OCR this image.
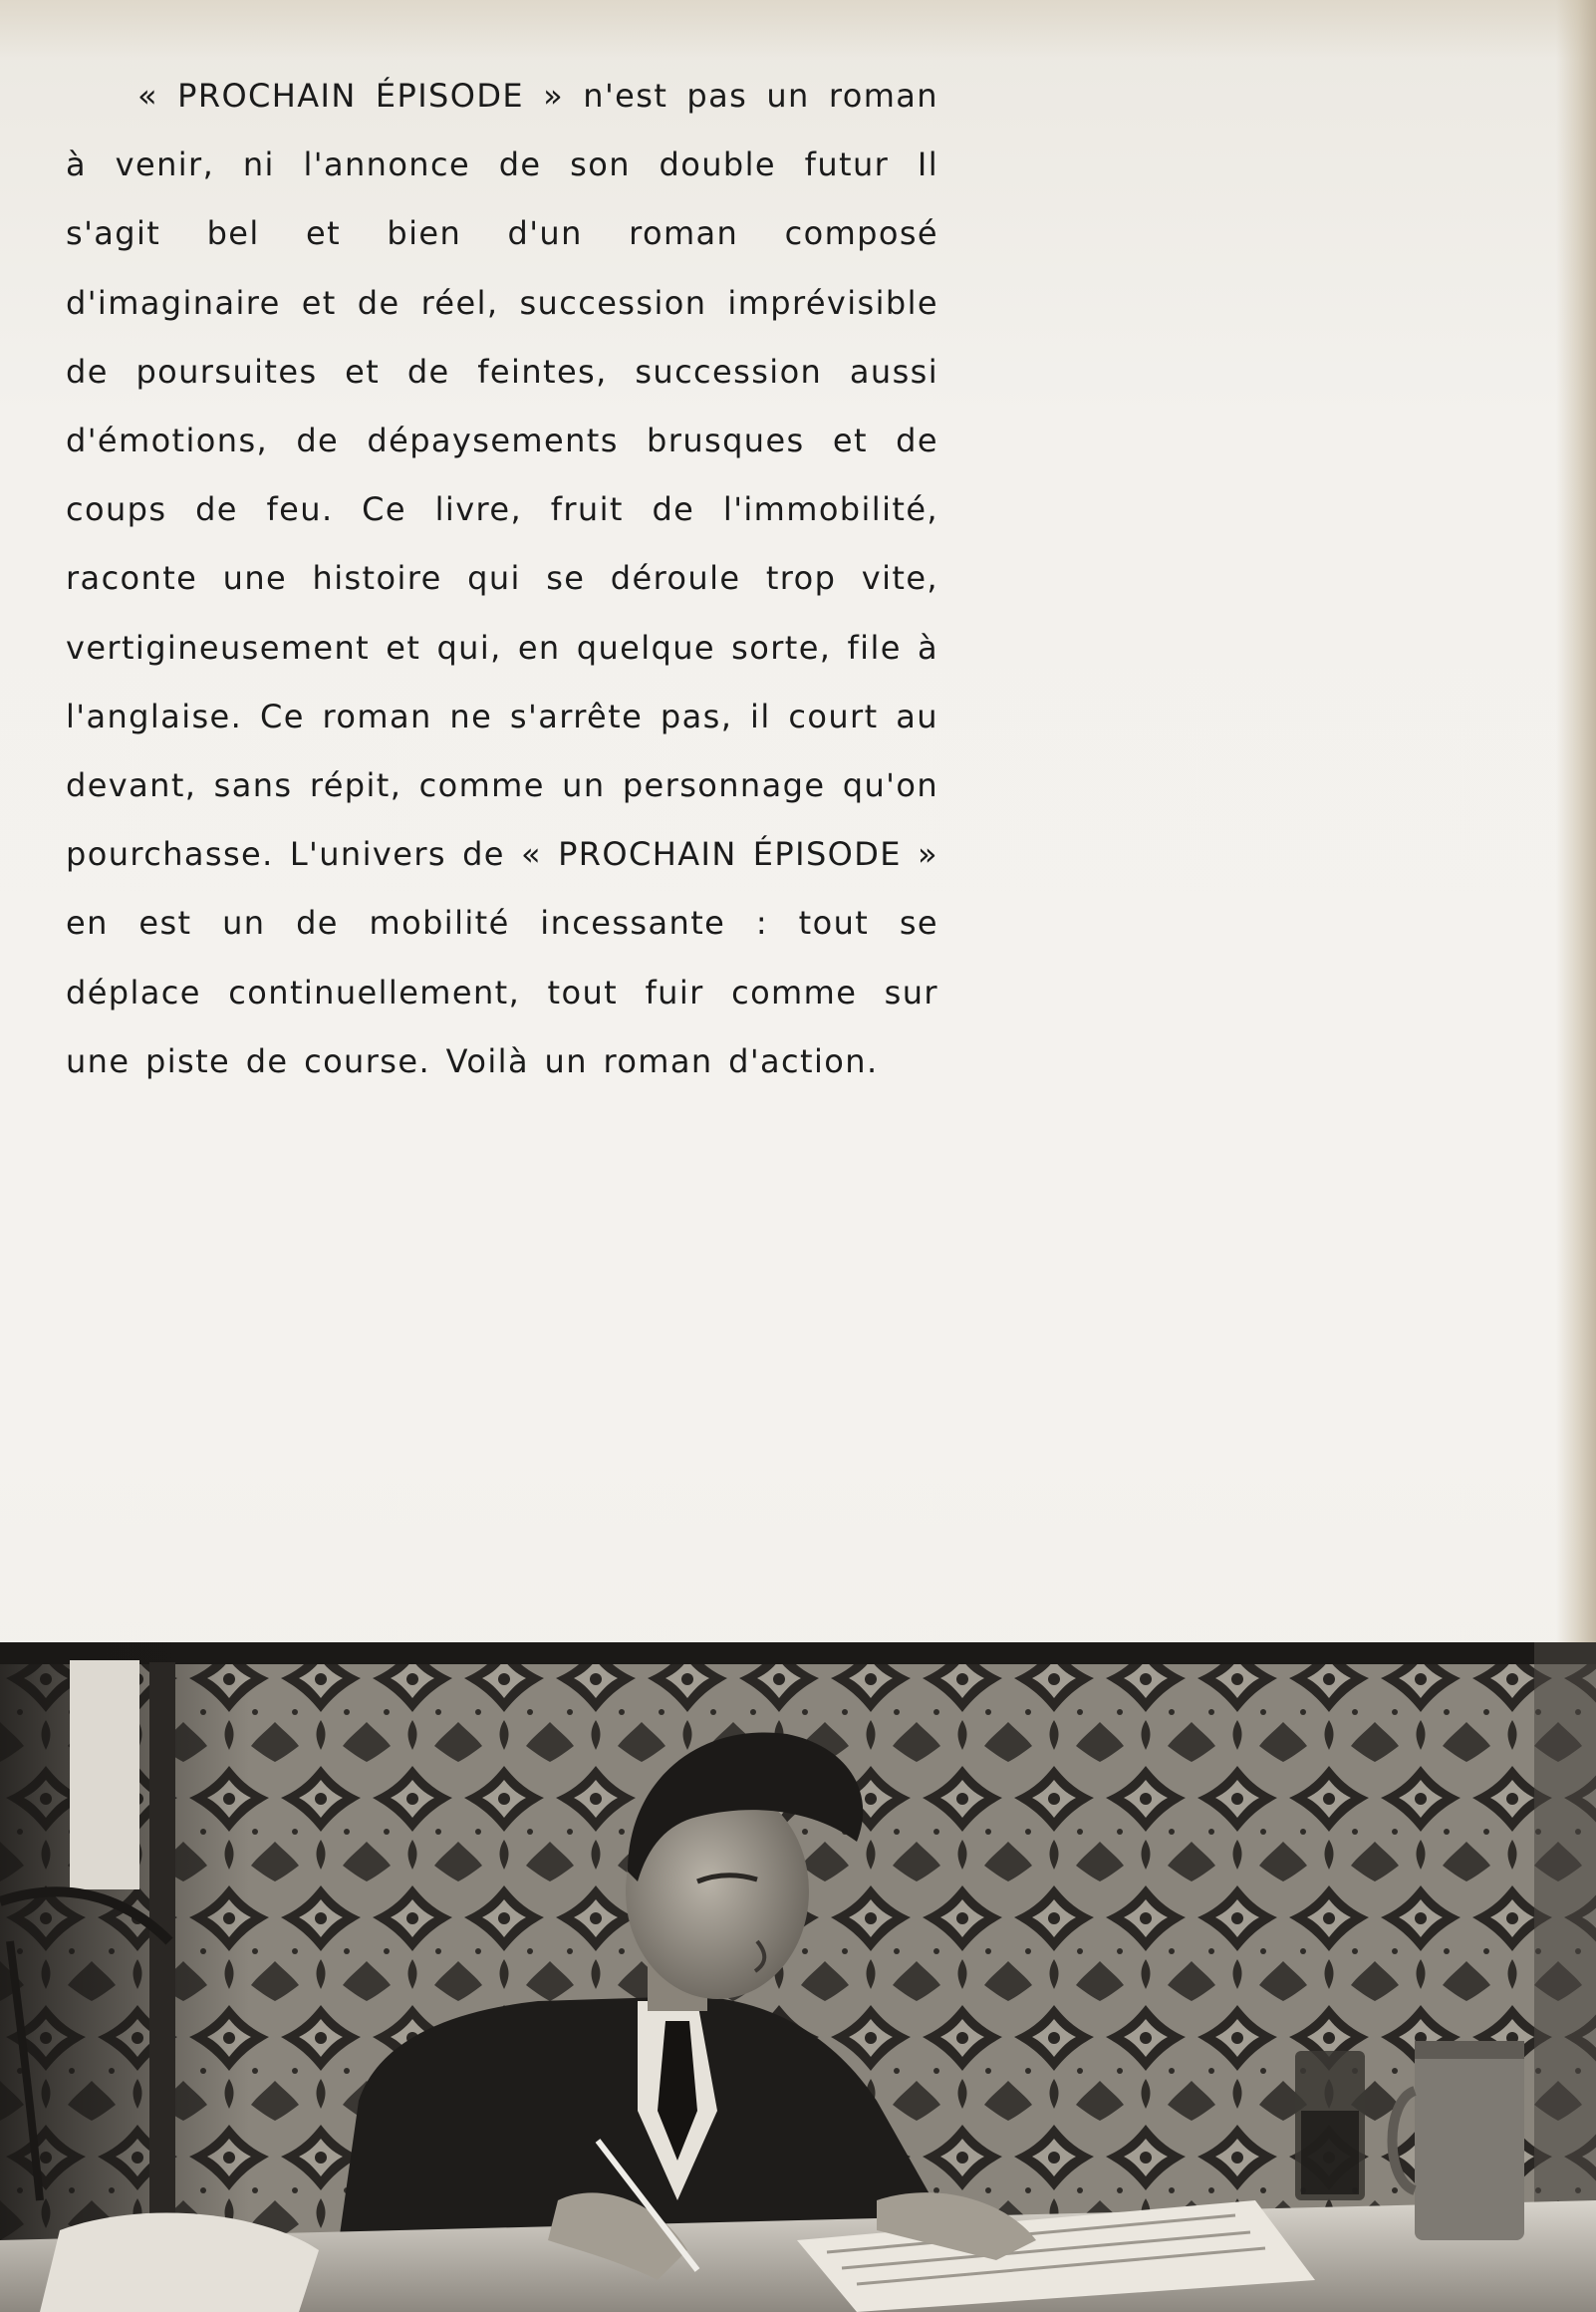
« PROCHAIN ÉPISODE » n'est pas un roman à venir, ni l'annonce de son double futur Il s'agit bel et bien d'un roman composé d'imaginaire et de réel, succession imprévisible de poursuites et de feintes, succession aussi d'émotions, de dépaysements brusques et de coups de feu. Ce livre, fruit de l'immobilité, raconte une histoire qui se déroule trop vite, vertigineusement et qui, en quelque sorte, file à l'anglaise. Ce roman ne s'arrête pas, il court au devant, sans répit, comme un personnage qu'on pourchasse. L'univers de « PROCHAIN ÉPISODE » en est un de mobilité incessante : tout se déplace continuellement, tout fuir comme sur une piste de course. Voilà un roman d'action.
